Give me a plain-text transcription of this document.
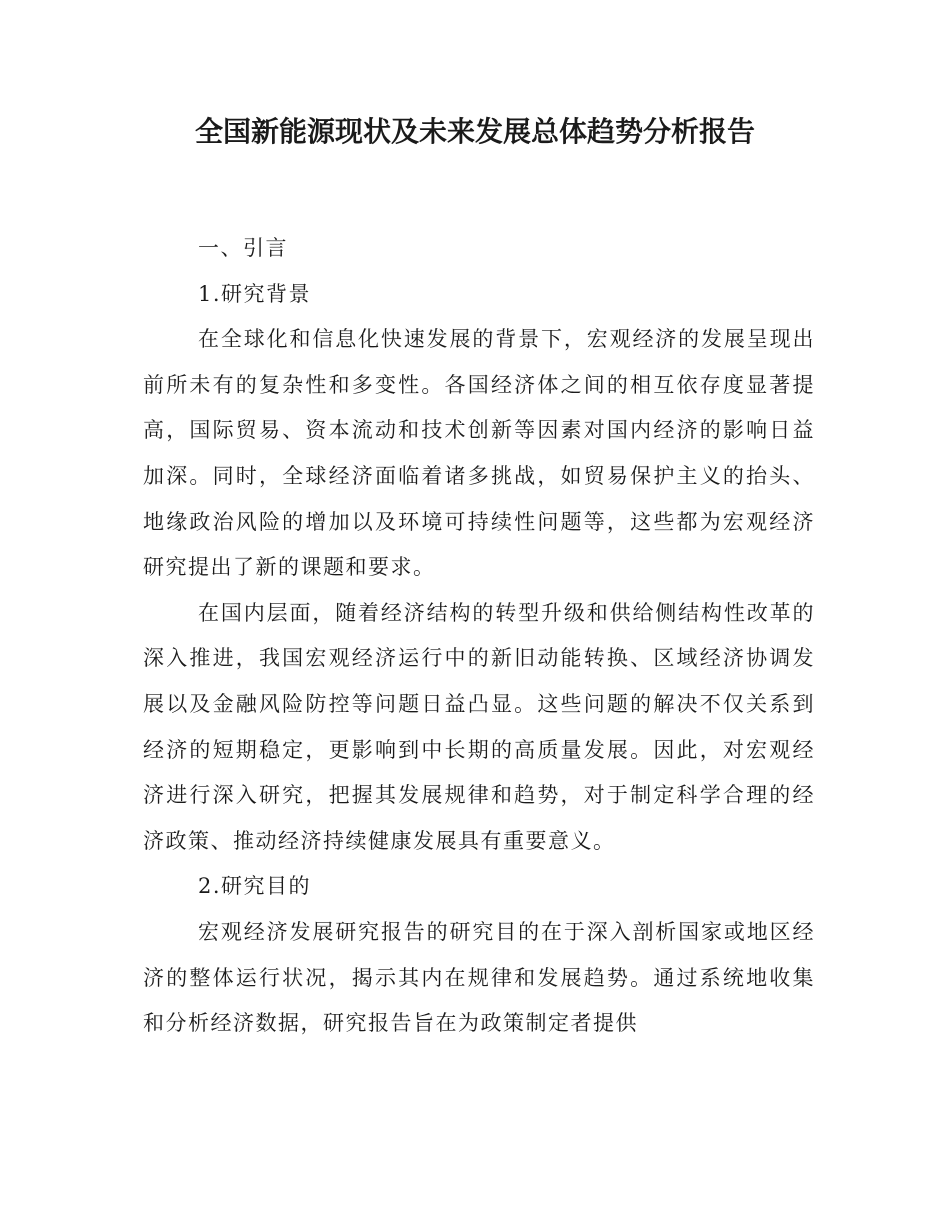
全国新能源现状及未来发展总体趋势分析报告

一、引言

1.研究背景

在全球化和信息化快速发展的背景下，宏观经济的发展呈现出前所未有的复杂性和多变性。各国经济体之间的相互依存度显著提高，国际贸易、资本流动和技术创新等因素对国内经济的影响日益加深。同时，全球经济面临着诸多挑战，如贸易保护主义的抬头、地缘政治风险的增加以及环境可持续性问题等，这些都为宏观经济研究提出了新的课题和要求。

在国内层面，随着经济结构的转型升级和供给侧结构性改革的深入推进，我国宏观经济运行中的新旧动能转换、区域经济协调发展以及金融风险防控等问题日益凸显。这些问题的解决不仅关系到经济的短期稳定，更影响到中长期的高质量发展。因此，对宏观经济进行深入研究，把握其发展规律和趋势，对于制定科学合理的经济政策、推动经济持续健康发展具有重要意义。

2.研究目的

宏观经济发展研究报告的研究目的在于深入剖析国家或地区经济的整体运行状况，揭示其内在规律和发展趋势。通过系统地收集和分析经济数据，研究报告旨在为政策制定者提供
